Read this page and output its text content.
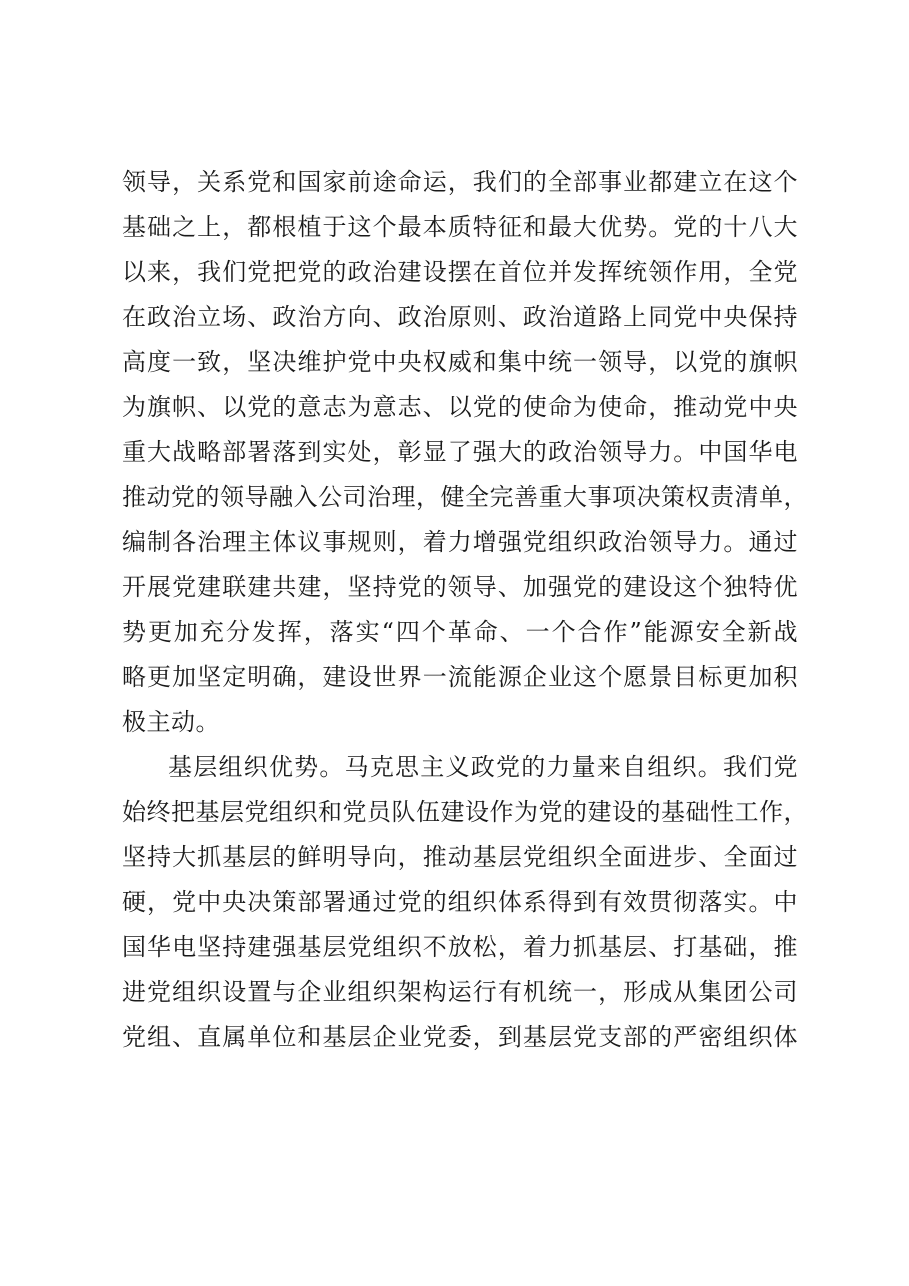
领导，关系党和国家前途命运，我们的全部事业都建立在这个
基础之上，都根植于这个最本质特征和最大优势。党的十八大
以来，我们党把党的政治建设摆在首位并发挥统领作用，全党
在政治立场、政治方向、政治原则、政治道路上同党中央保持
高度一致，坚决维护党中央权威和集中统一领导，以党的旗帜
为旗帜、以党的意志为意志、以党的使命为使命，推动党中央
重大战略部署落到实处，彰显了强大的政治领导力。中国华电
推动党的领导融入公司治理，健全完善重大事项决策权责清单，
编制各治理主体议事规则，着力增强党组织政治领导力。通过
开展党建联建共建，坚持党的领导、加强党的建设这个独特优
势更加充分发挥，落实“四个革命、一个合作”能源安全新战
略更加坚定明确，建设世界一流能源企业这个愿景目标更加积
极主动。
基层组织优势。马克思主义政党的力量来自组织。我们党
始终把基层党组织和党员队伍建设作为党的建设的基础性工作，
坚持大抓基层的鲜明导向，推动基层党组织全面进步、全面过
硬，党中央决策部署通过党的组织体系得到有效贯彻落实。中
国华电坚持建强基层党组织不放松，着力抓基层、打基础，推
进党组织设置与企业组织架构运行有机统一，形成从集团公司
党组、直属单位和基层企业党委，到基层党支部的严密组织体
